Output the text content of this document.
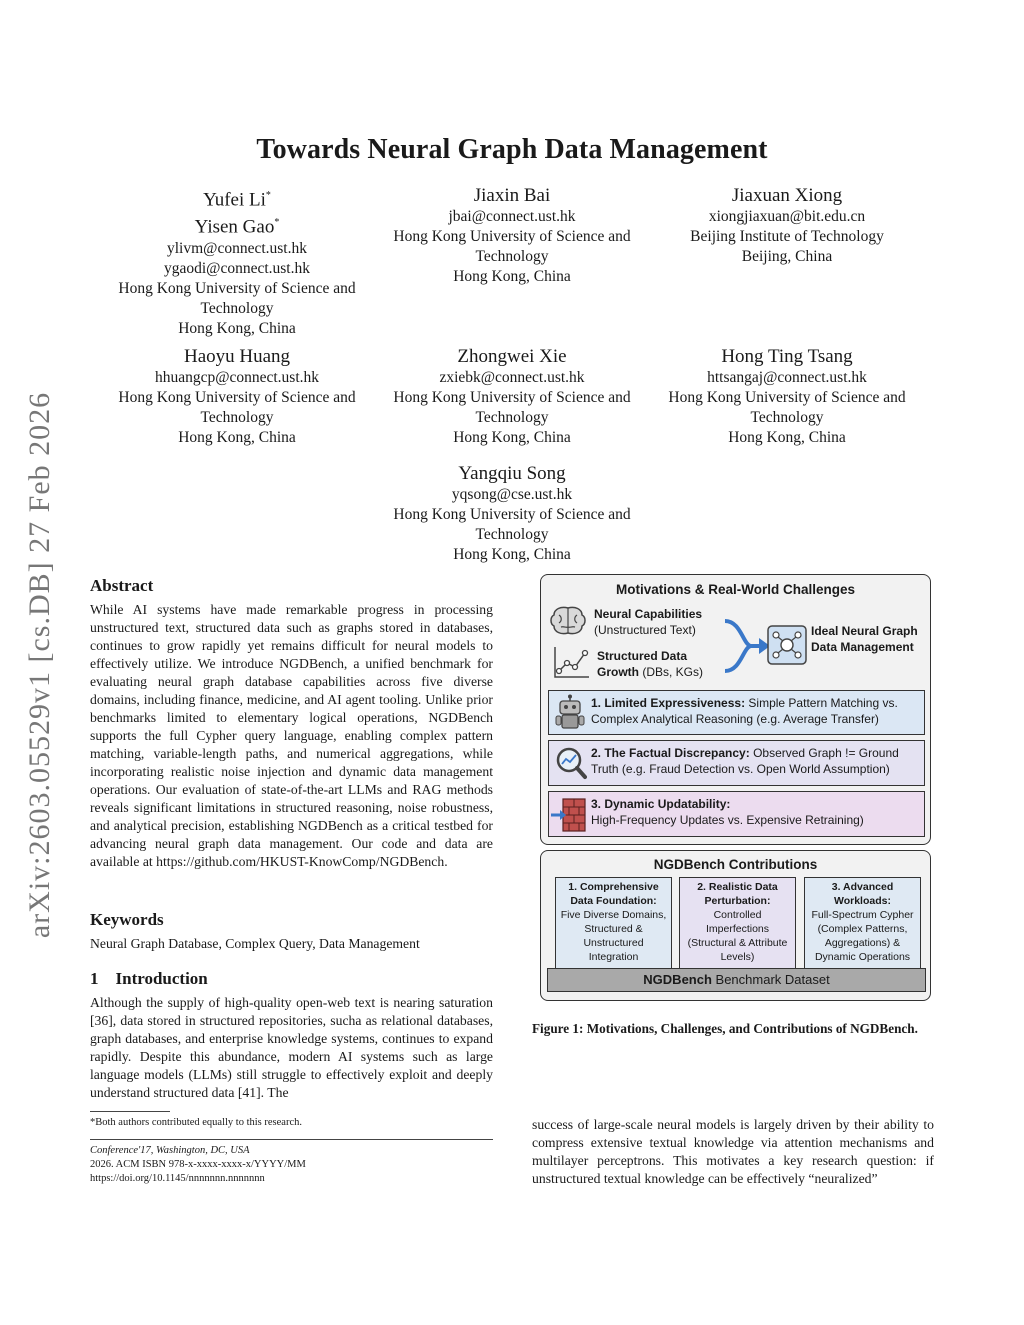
Towards Neural Graph Data Management
Yufei Li*
Yisen Gao*
ylivm@connect.ust.hk
ygaodi@connect.ust.hk
Hong Kong University of Science and Technology
Hong Kong, China
Jiaxin Bai
jbai@connect.ust.hk
Hong Kong University of Science and Technology
Hong Kong, China
Jiaxuan Xiong
xiongjiaxuan@bit.edu.cn
Beijing Institute of Technology
Beijing, China
Haoyu Huang
hhuangcp@connect.ust.hk
Hong Kong University of Science and Technology
Hong Kong, China
Zhongwei Xie
zxiebk@connect.ust.hk
Hong Kong University of Science and Technology
Hong Kong, China
Hong Ting Tsang
httsangaj@connect.ust.hk
Hong Kong University of Science and Technology
Hong Kong, China
Yangqiu Song
yqsong@cse.ust.hk
Hong Kong University of Science and Technology
Hong Kong, China
arXiv:2603.05529v1 [cs.DB] 27 Feb 2026 Abstract
While AI systems have made remarkable progress in processing unstructured text, structured data such as graphs stored in databases, continues to grow rapidly yet remains difficult for neural models to effectively utilize. We introduce NGDBench, a unified benchmark for evaluating neural graph database capabilities across five diverse domains, including finance, medicine, and AI agent tooling. Unlike prior benchmarks limited to elementary logical operations, NGDBench supports the full Cypher query language, enabling complex pattern matching, variable-length paths, and numerical aggregations, while incorporating realistic noise injection and dynamic data management operations. Our evaluation of state-of-the-art LLMs and RAG methods reveals significant limitations in structured reasoning, noise robustness, and analytical precision, establishing NGDBench as a critical testbed for advancing neural graph data management. Our code and data are available at https://github.com/HKUST-KnowComp/NGDBench.
Keywords
Neural Graph Database, Complex Query, Data Management
1    Introduction
Although the supply of high-quality open-web text is nearing saturation [36], data stored in structured repositories, sucha as relational databases, graph databases, and enterprise knowledge systems, continues to expand rapidly. Despite this abundance, modern AI systems such as large language models (LLMs) still struggle to effectively exploit and deeply understand structured data [41]. The
*Both authors contributed equally to this research.
Conference'17, Washington, DC, USA
2026. ACM ISBN 978-x-xxxx-xxxx-x/YYYY/MM
https://doi.org/10.1145/nnnnnnn.nnnnnnn
Motivations & Real-World Challenges
Neural Capabilities
(Unstructured Text)
Structured Data
Growth (DBs, KGs)
Ideal Neural Graph
Data Management
1. Limited Expressiveness: Simple Pattern Matching vs. Complex Analytical Reasoning (e.g. Average Transfer)
2. The Factual Discrepancy: Observed Graph != Ground Truth (e.g. Fraud Detection vs. Open World Assumption)
3. Dynamic Updatability:
High-Frequency Updates vs. Expensive Retraining)
NGDBench Contributions
1. Comprehensive Data Foundation:
Five Diverse Domains, Structured & Unstructured Integration
2. Realistic Data Perturbation:
Controlled Imperfections (Structural & Attribute Levels)
3. Advanced Workloads:
Full-Spectrum Cypher (Complex Patterns, Aggregations) & Dynamic Operations
NGDBench Benchmark Dataset
Figure 1: Motivations, Challenges, and Contributions of NGDBench.
success of large-scale neural models is largely driven by their ability to compress extensive textual knowledge via attention mechanisms and multilayer perceptrons. This motivates a key research question: if unstructured textual knowledge can be effectively “neuralized”
